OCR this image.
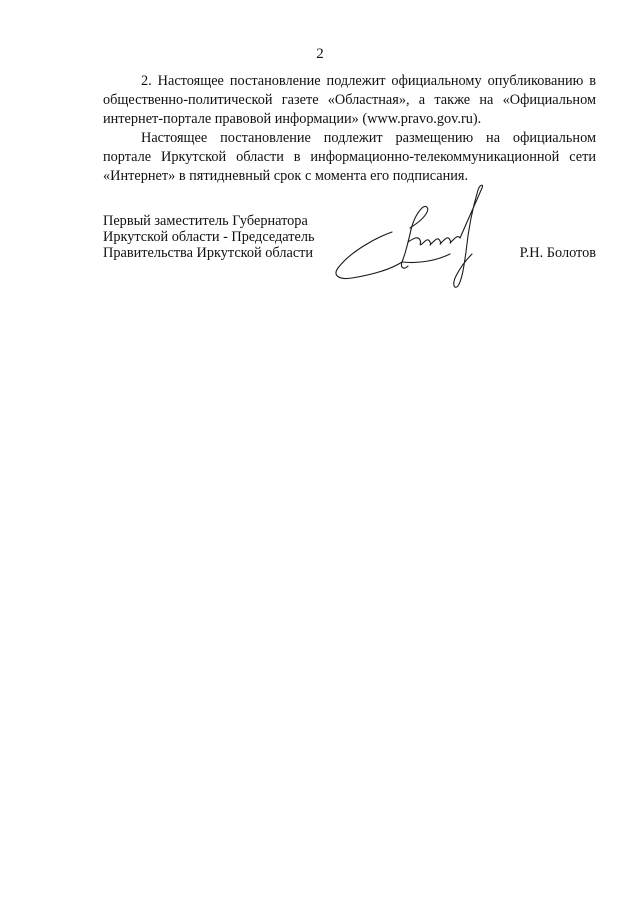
2

2. Настоящее постановление подлежит официальному опубликованию в общественно-политической газете «Областная», а также на «Официальном интернет-портале правовой информации» (www.pravo.gov.ru).

Настоящее постановление подлежит размещению на официальном портале Иркутской области в информационно-телекоммуникационной сети «Интернет» в пятидневный срок с момента его подписания.

Первый заместитель Губернатора
Иркутской области - Председатель
Правительства Иркутской области	Р.Н. Болотов
